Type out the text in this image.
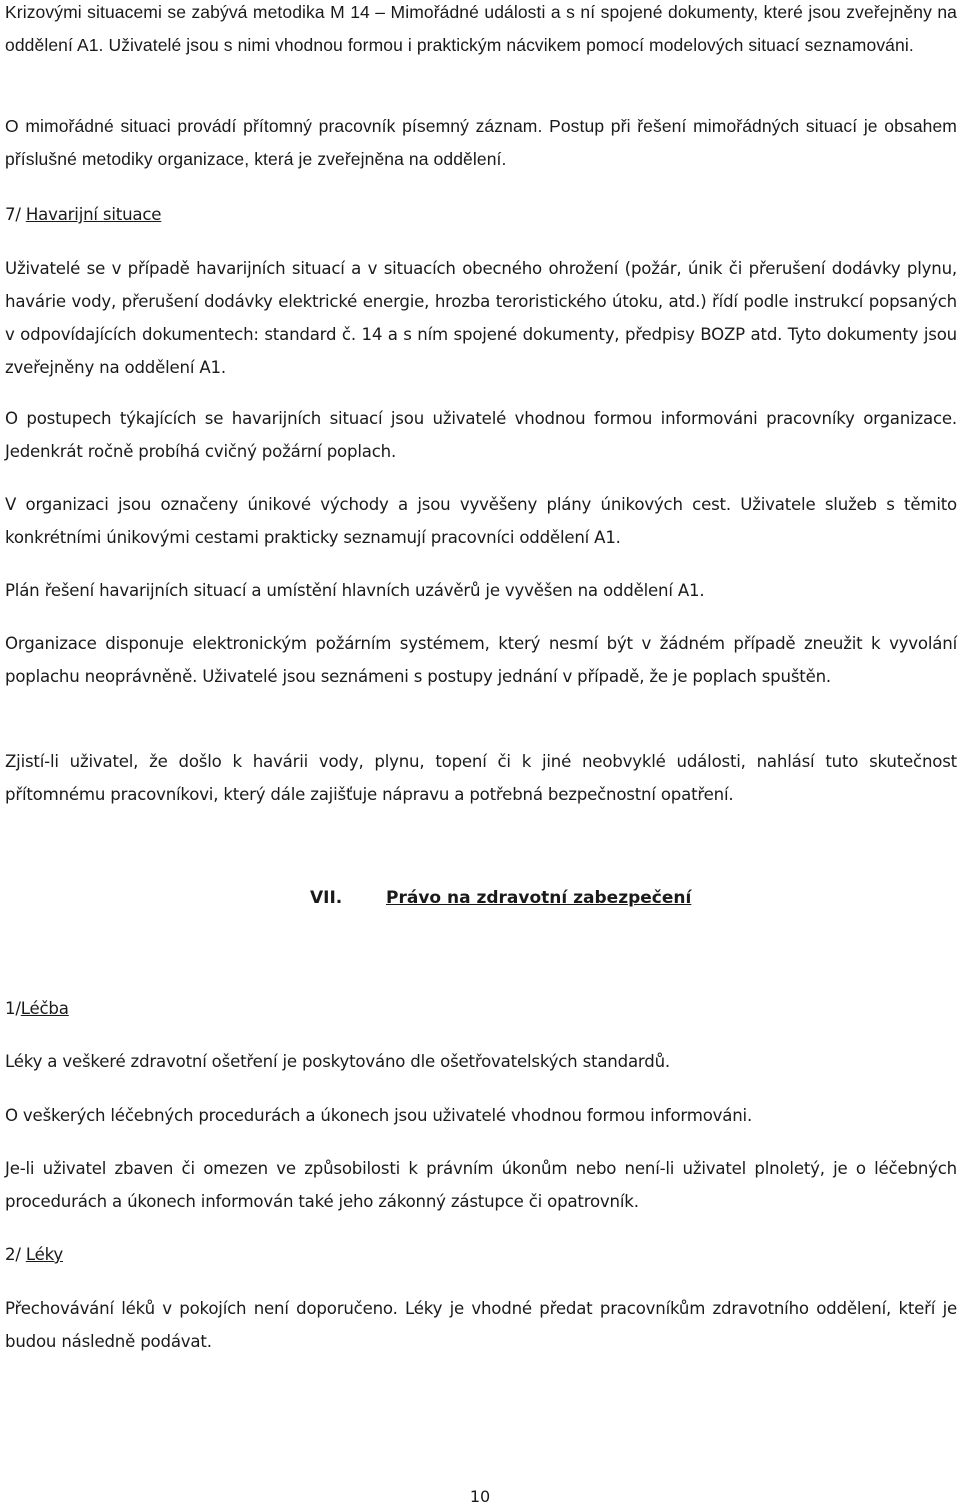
Krizovými situacemi se zabývá metodika M 14 – Mimořádné události a s ní spojené dokumenty, které jsou zveřejněny na oddělení A1. Uživatelé jsou s nimi vhodnou formou i praktickým nácvikem pomocí modelových situací seznamováni.

O mimořádné situaci provádí přítomný pracovník písemný záznam. Postup při řešení mimořádných situací je obsahem příslušné metodiky organizace, která je zveřejněna na oddělení.

7/ Havarijní situace

Uživatelé se v případě havarijních situací a v situacích obecného ohrožení (požár, únik či přerušení dodávky plynu, havárie vody, přerušení dodávky elektrické energie, hrozba teroristického útoku, atd.) řídí podle instrukcí popsaných v odpovídajících dokumentech: standard č. 14 a s ním spojené dokumenty, předpisy BOZP atd. Tyto dokumenty jsou zveřejněny na oddělení A1.

O postupech týkajících se havarijních situací jsou uživatelé vhodnou formou informováni pracovníky organizace. Jedenkrát ročně probíhá cvičný požární poplach.

V organizaci jsou označeny únikové východy a jsou vyvěšeny plány únikových cest. Uživatele služeb s těmito konkrétními únikovými cestami prakticky seznamují pracovníci oddělení A1.

Plán řešení havarijních situací a umístění hlavních uzávěrů je vyvěšen na oddělení A1.

Organizace disponuje elektronickým požárním systémem, který nesmí být v žádném případě zneužit k vyvolání poplachu neoprávněně. Uživatelé jsou seznámeni s postupy jednání v případě, že je poplach spuštěn.

Zjistí-li uživatel, že došlo k havárii vody, plynu, topení či k jiné neobvyklé události, nahlásí tuto skutečnost přítomnému pracovníkovi, který dále zajišťuje nápravu a potřebná bezpečnostní opatření.

VII.	Právo na zdravotní zabezpečení

1/Léčba

Léky a veškeré zdravotní ošetření je poskytováno dle ošetřovatelských standardů.

O veškerých léčebných procedurách a úkonech jsou uživatelé vhodnou formou informováni.

Je-li uživatel zbaven či omezen ve způsobilosti k právním úkonům nebo není-li uživatel plnoletý, je o léčebných procedurách a úkonech informován také jeho zákonný zástupce či opatrovník.

2/ Léky

Přechovávání léků v pokojích není doporučeno. Léky je vhodné předat pracovníkům zdravotního oddělení, kteří je budou následně podávat.

10
